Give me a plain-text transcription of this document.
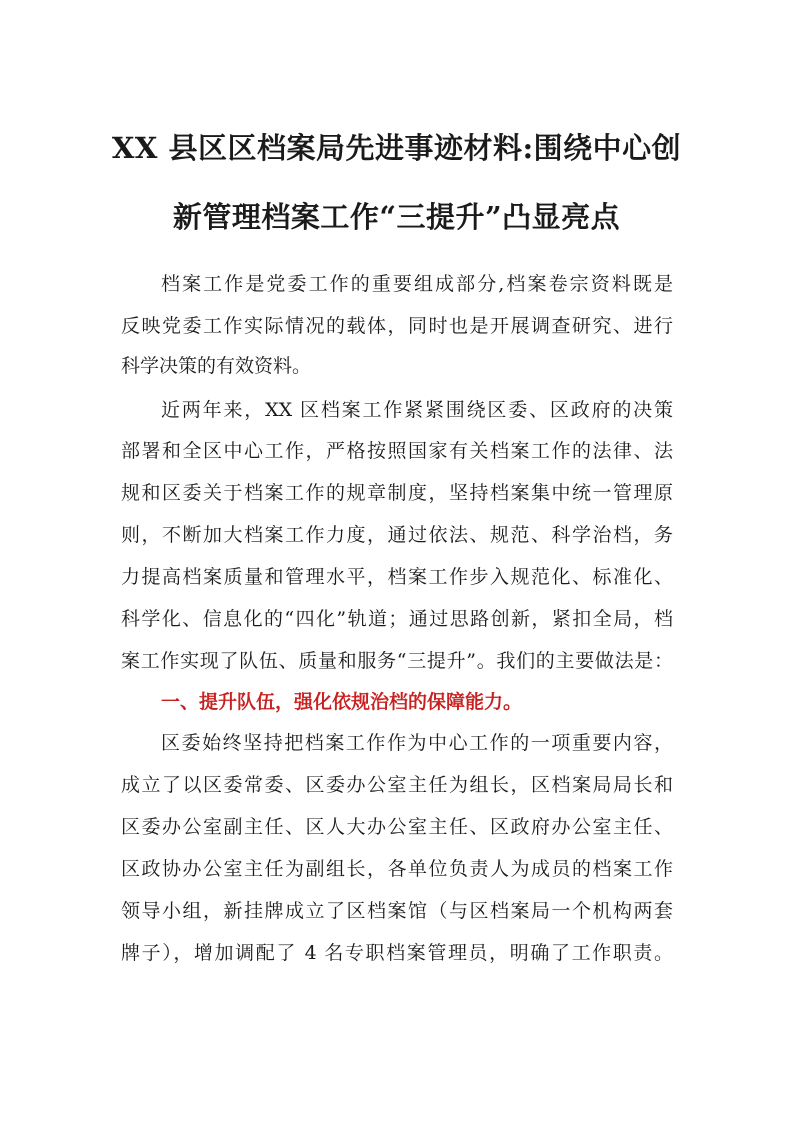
XX 县区区档案局先进事迹材料:围绕中心创
新管理档案工作“三提升”凸显亮点
档案工作是党委工作的重要组成部分,档案卷宗资料既是
反映党委工作实际情况的载体，同时也是开展调查研究、进行
科学决策的有效资料。
近两年来，XX 区档案工作紧紧围绕区委、区政府的决策
部署和全区中心工作，严格按照国家有关档案工作的法律、法
规和区委关于档案工作的规章制度，坚持档案集中统一管理原
则，不断加大档案工作力度，通过依法、规范、科学治档，务
力提高档案质量和管理水平，档案工作步入规范化、标准化、
科学化、信息化的“四化”轨道；通过思路创新，紧扣全局，档
案工作实现了队伍、质量和服务“三提升”。我们的主要做法是：
一、提升队伍，强化依规治档的保障能力。
区委始终坚持把档案工作作为中心工作的一项重要内容，
成立了以区委常委、区委办公室主任为组长，区档案局局长和
区委办公室副主任、区人大办公室主任、区政府办公室主任、
区政协办公室主任为副组长，各单位负责人为成员的档案工作
领导小组，新挂牌成立了区档案馆（与区档案局一个机构两套
牌子），增加调配了 4 名专职档案管理员，明确了工作职责。
